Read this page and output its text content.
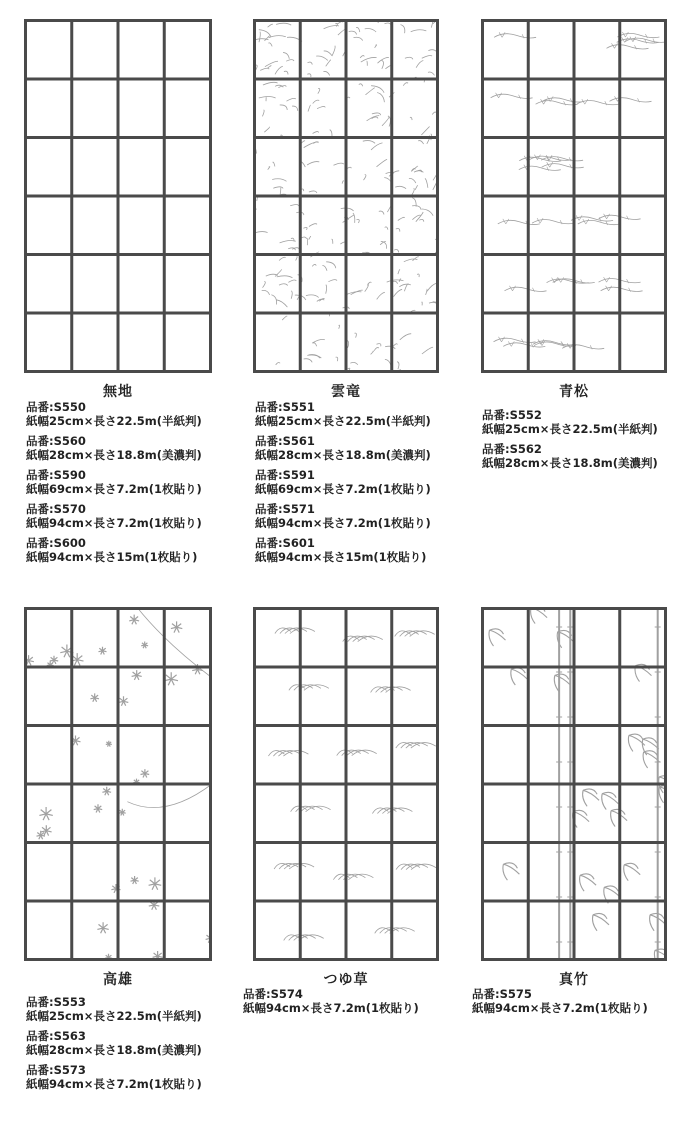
無地
品番:S550
紙幅25cm×長さ22.5m(半紙判)
品番:S560
紙幅28cm×長さ18.8m(美濃判)
品番:S590
紙幅69cm×長さ7.2m(1枚貼り)
品番:S570
紙幅94cm×長さ7.2m(1枚貼り)
品番:S600
紙幅94cm×長さ15m(1枚貼り)
雲竜
品番:S551
紙幅25cm×長さ22.5m(半紙判)
品番:S561
紙幅28cm×長さ18.8m(美濃判)
品番:S591
紙幅69cm×長さ7.2m(1枚貼り)
品番:S571
紙幅94cm×長さ7.2m(1枚貼り)
品番:S601
紙幅94cm×長さ15m(1枚貼り)
青松
品番:S552
紙幅25cm×長さ22.5m(半紙判)
品番:S562
紙幅28cm×長さ18.8m(美濃判)
高雄
品番:S553
紙幅25cm×長さ22.5m(半紙判)
品番:S563
紙幅28cm×長さ18.8m(美濃判)
品番:S573
紙幅94cm×長さ7.2m(1枚貼り)
つゆ草
品番:S574
紙幅94cm×長さ7.2m(1枚貼り)
真竹
品番:S575
紙幅94cm×長さ7.2m(1枚貼り)
